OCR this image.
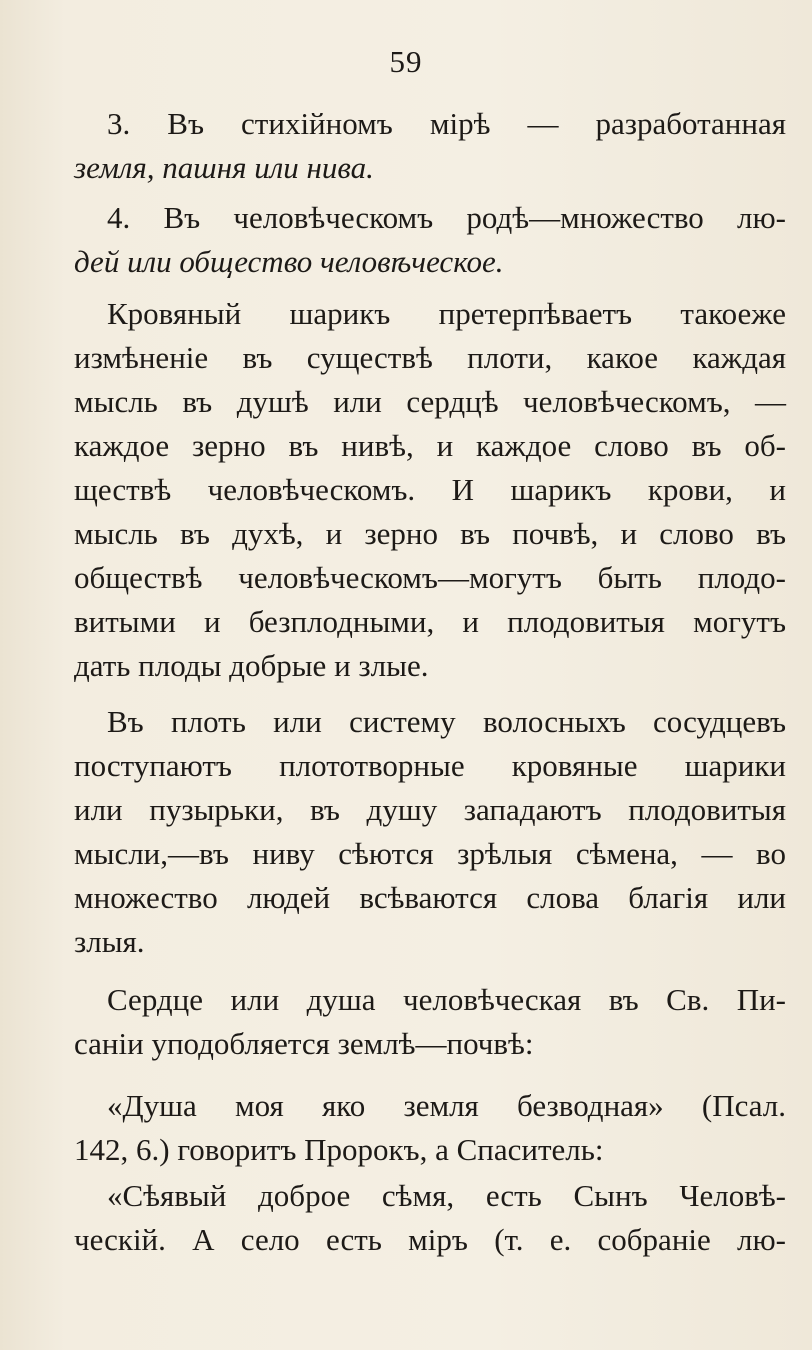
59
3. Въ стихійномъ мірѣ — разработанная
земля, пашня или нива.
4. Въ человѣческомъ родѣ—множество лю-
дей или общество человѣческое.
Кровяный шарикъ претерпѣваетъ такоеже
измѣненіе въ существѣ плоти, какое каждая
мысль въ душѣ или сердцѣ человѣческомъ, —
каждое зерно въ нивѣ, и каждое слово въ об-
ществѣ человѣческомъ. И шарикъ крови, и
мысль въ духѣ, и зерно въ почвѣ, и слово въ
обществѣ человѣческомъ—могутъ быть плодо-
витыми и безплодными, и плодовитыя могутъ
дать плоды добрые и злые.
Въ плоть или систему волосныхъ сосудцевъ
поступаютъ плототворные кровяные шарики
или пузырьки, въ душу западаютъ плодовитыя
мысли,—въ ниву сѣются зрѣлыя сѣмена, — во
множество людей всѣваются слова благія или
злыя.
Сердце или душа человѣческая въ Св. Пи-
саніи уподобляется землѣ—почвѣ:
«Душа моя яко земля безводная» (Псал.
142, 6.) говоритъ Пророкъ, а Спаситель:
«Сѣявый доброе сѣмя, есть Сынъ Человѣ-
ческій. А село есть міръ (т. е. собраніе лю-
